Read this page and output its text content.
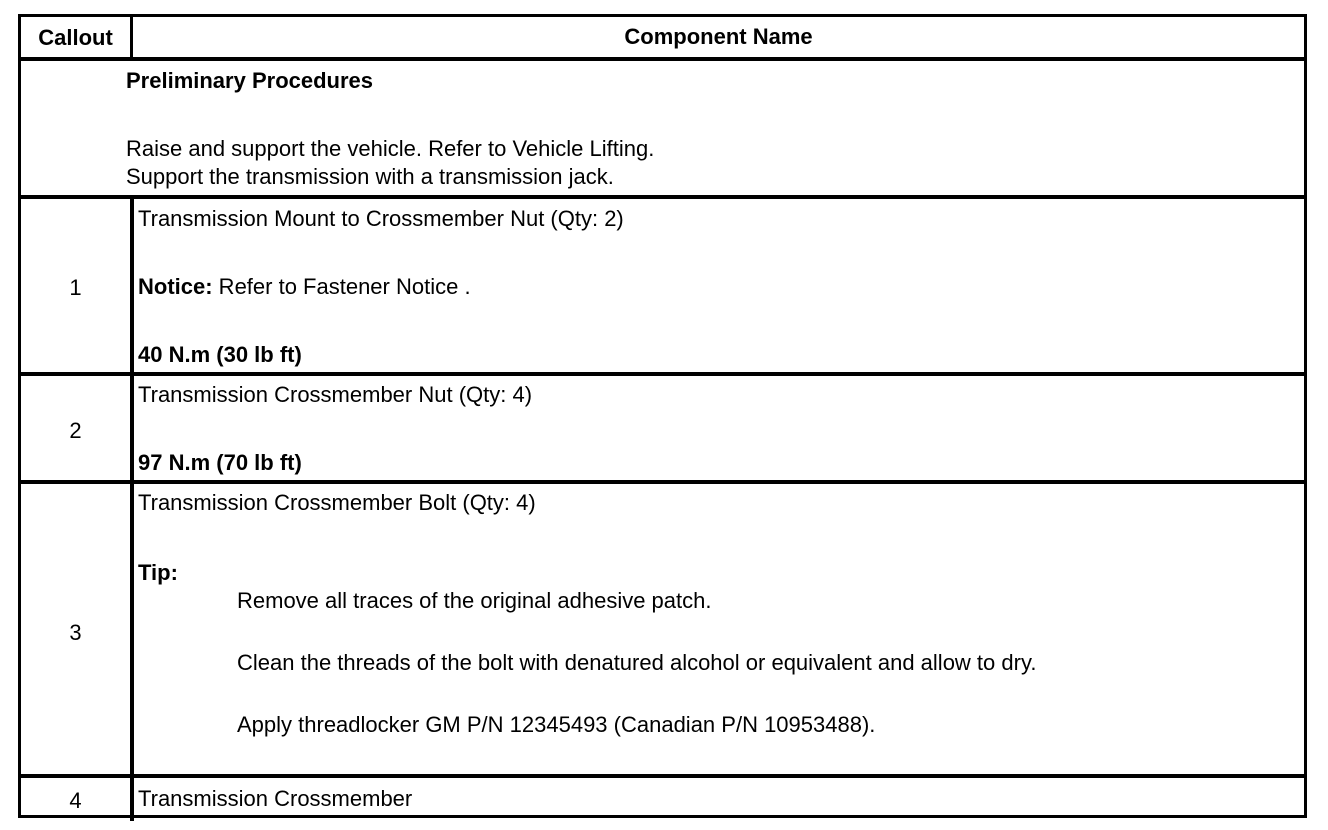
Callout	Component Name
Preliminary Procedures
Raise and support the vehicle. Refer to Vehicle Lifting.
Support the transmission with a transmission jack.
1
Transmission Mount to Crossmember Nut (Qty: 2)
Notice: Refer to Fastener Notice .
40 N.m (30 lb ft)
2
Transmission Crossmember Nut (Qty: 4)
97 N.m (70 lb ft)
3
Transmission Crossmember Bolt (Qty: 4)
Tip:
Remove all traces of the original adhesive patch.
Clean the threads of the bolt with denatured alcohol or equivalent and allow to dry.
Apply threadlocker GM P/N 12345493 (Canadian P/N 10953488).
4	Transmission Crossmember
